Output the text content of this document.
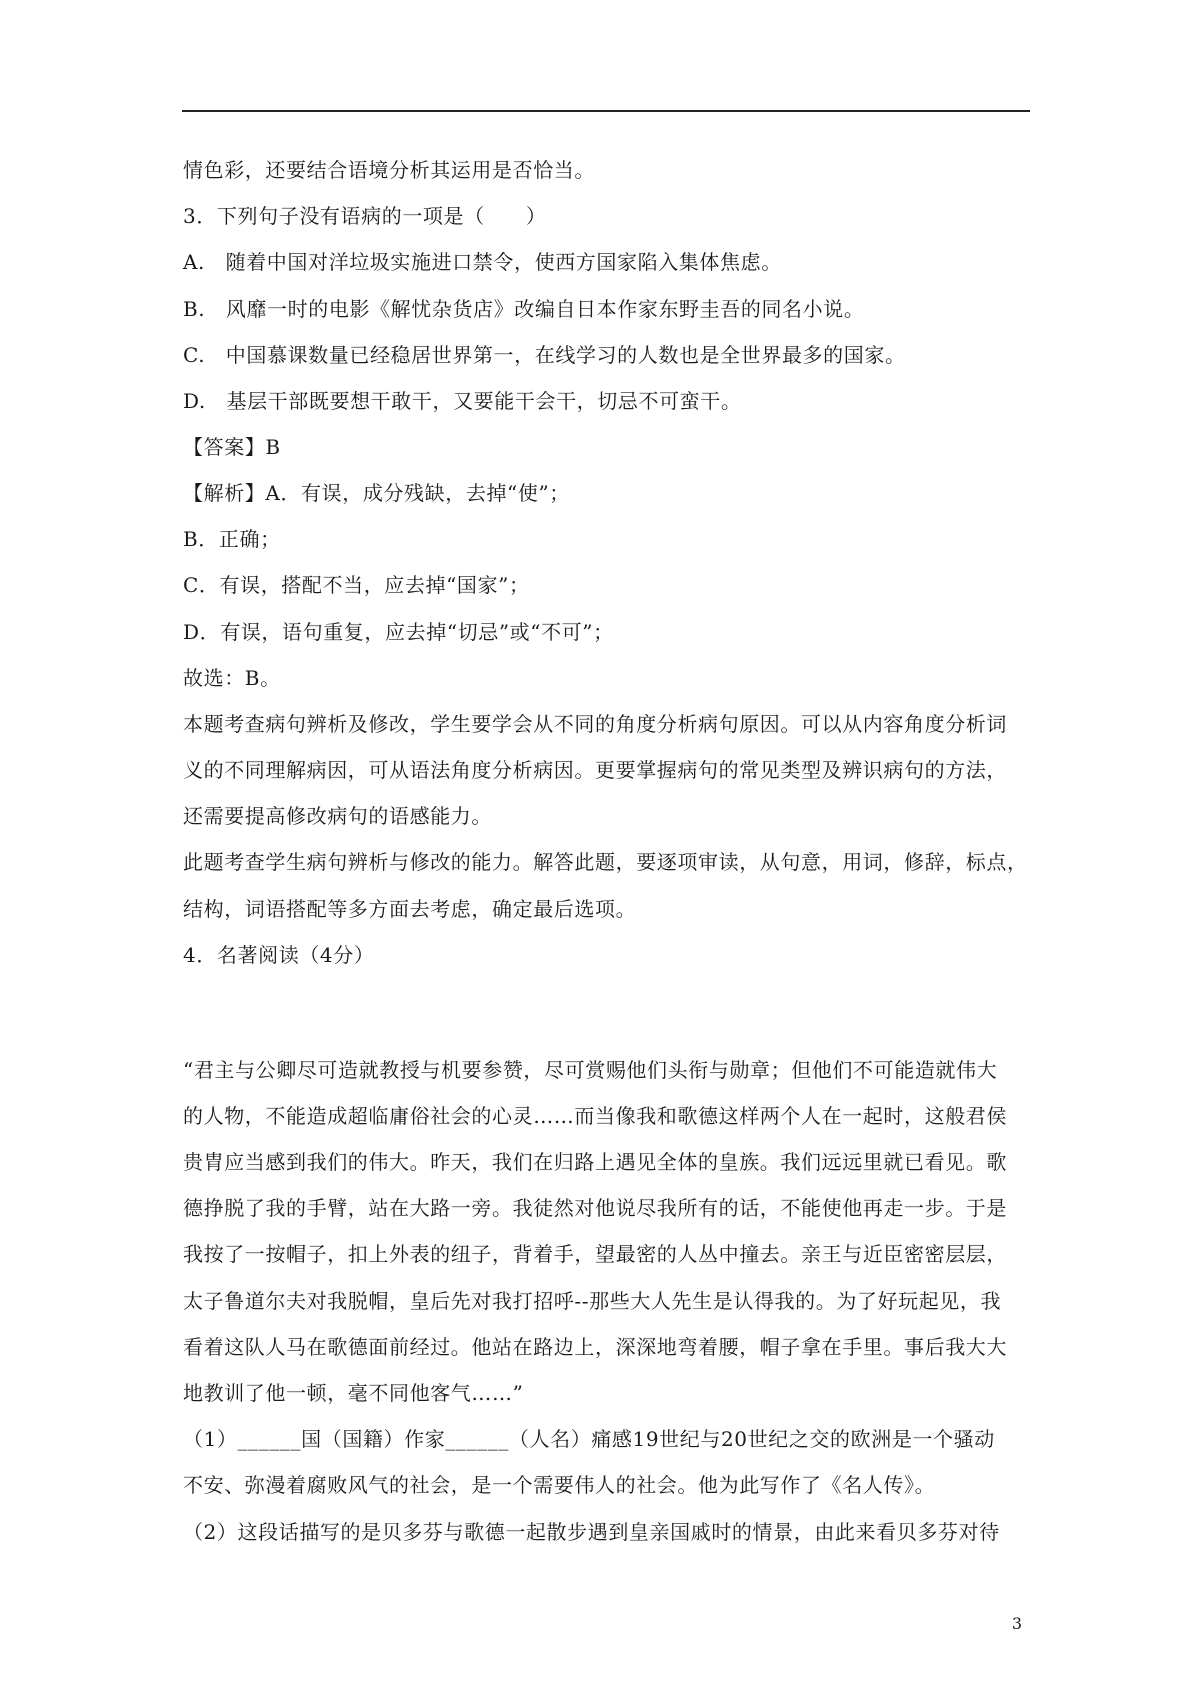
情色彩，还要结合语境分析其运用是否恰当。
3．下列句子没有语病的一项是（　　）
A.　随着中国对洋垃圾实施进口禁令，使西方国家陷入集体焦虑。
B.　风靡一时的电影《解忧杂货店》改编自日本作家东野圭吾的同名小说。
C.　中国慕课数量已经稳居世界第一，在线学习的人数也是全世界最多的国家。
D.　基层干部既要想干敢干，又要能干会干，切忌不可蛮干。
【答案】B
【解析】A．有误，成分残缺，去掉“使”；
B．正确；
C．有误，搭配不当，应去掉“国家”；
D．有误，语句重复，应去掉“切忌”或“不可”；
故选：B。
本题考查病句辨析及修改，学生要学会从不同的角度分析病句原因。可以从内容角度分析词
义的不同理解病因，可从语法角度分析病因。更要掌握病句的常见类型及辨识病句的方法，
还需要提高修改病句的语感能力。
此题考查学生病句辨析与修改的能力。解答此题，要逐项审读，从句意，用词，修辞，标点，
结构，词语搭配等多方面去考虑，确定最后选项。
4．名著阅读（4分）
“君主与公卿尽可造就教授与机要参赞，尽可赏赐他们头衔与勋章；但他们不可能造就伟大
的人物，不能造成超临庸俗社会的心灵……而当像我和歌德这样两个人在一起时，这般君侯
贵胄应当感到我们的伟大。昨天，我们在归路上遇见全体的皇族。我们远远里就已看见。歌
德挣脱了我的手臂，站在大路一旁。我徒然对他说尽我所有的话，不能使他再走一步。于是
我按了一按帽子，扣上外表的纽子，背着手，望最密的人丛中撞去。亲王与近臣密密层层，
太子鲁道尔夫对我脱帽，皇后先对我打招呼--那些大人先生是认得我的。为了好玩起见，我
看着这队人马在歌德面前经过。他站在路边上，深深地弯着腰，帽子拿在手里。事后我大大
地教训了他一顿，毫不同他客气……”
（1）______国（国籍）作家______（人名）痛感19世纪与20世纪之交的欧洲是一个骚动
不安、弥漫着腐败风气的社会，是一个需要伟人的社会。他为此写作了《名人传》。
（2）这段话描写的是贝多芬与歌德一起散步遇到皇亲国戚时的情景，由此来看贝多芬对待
3
